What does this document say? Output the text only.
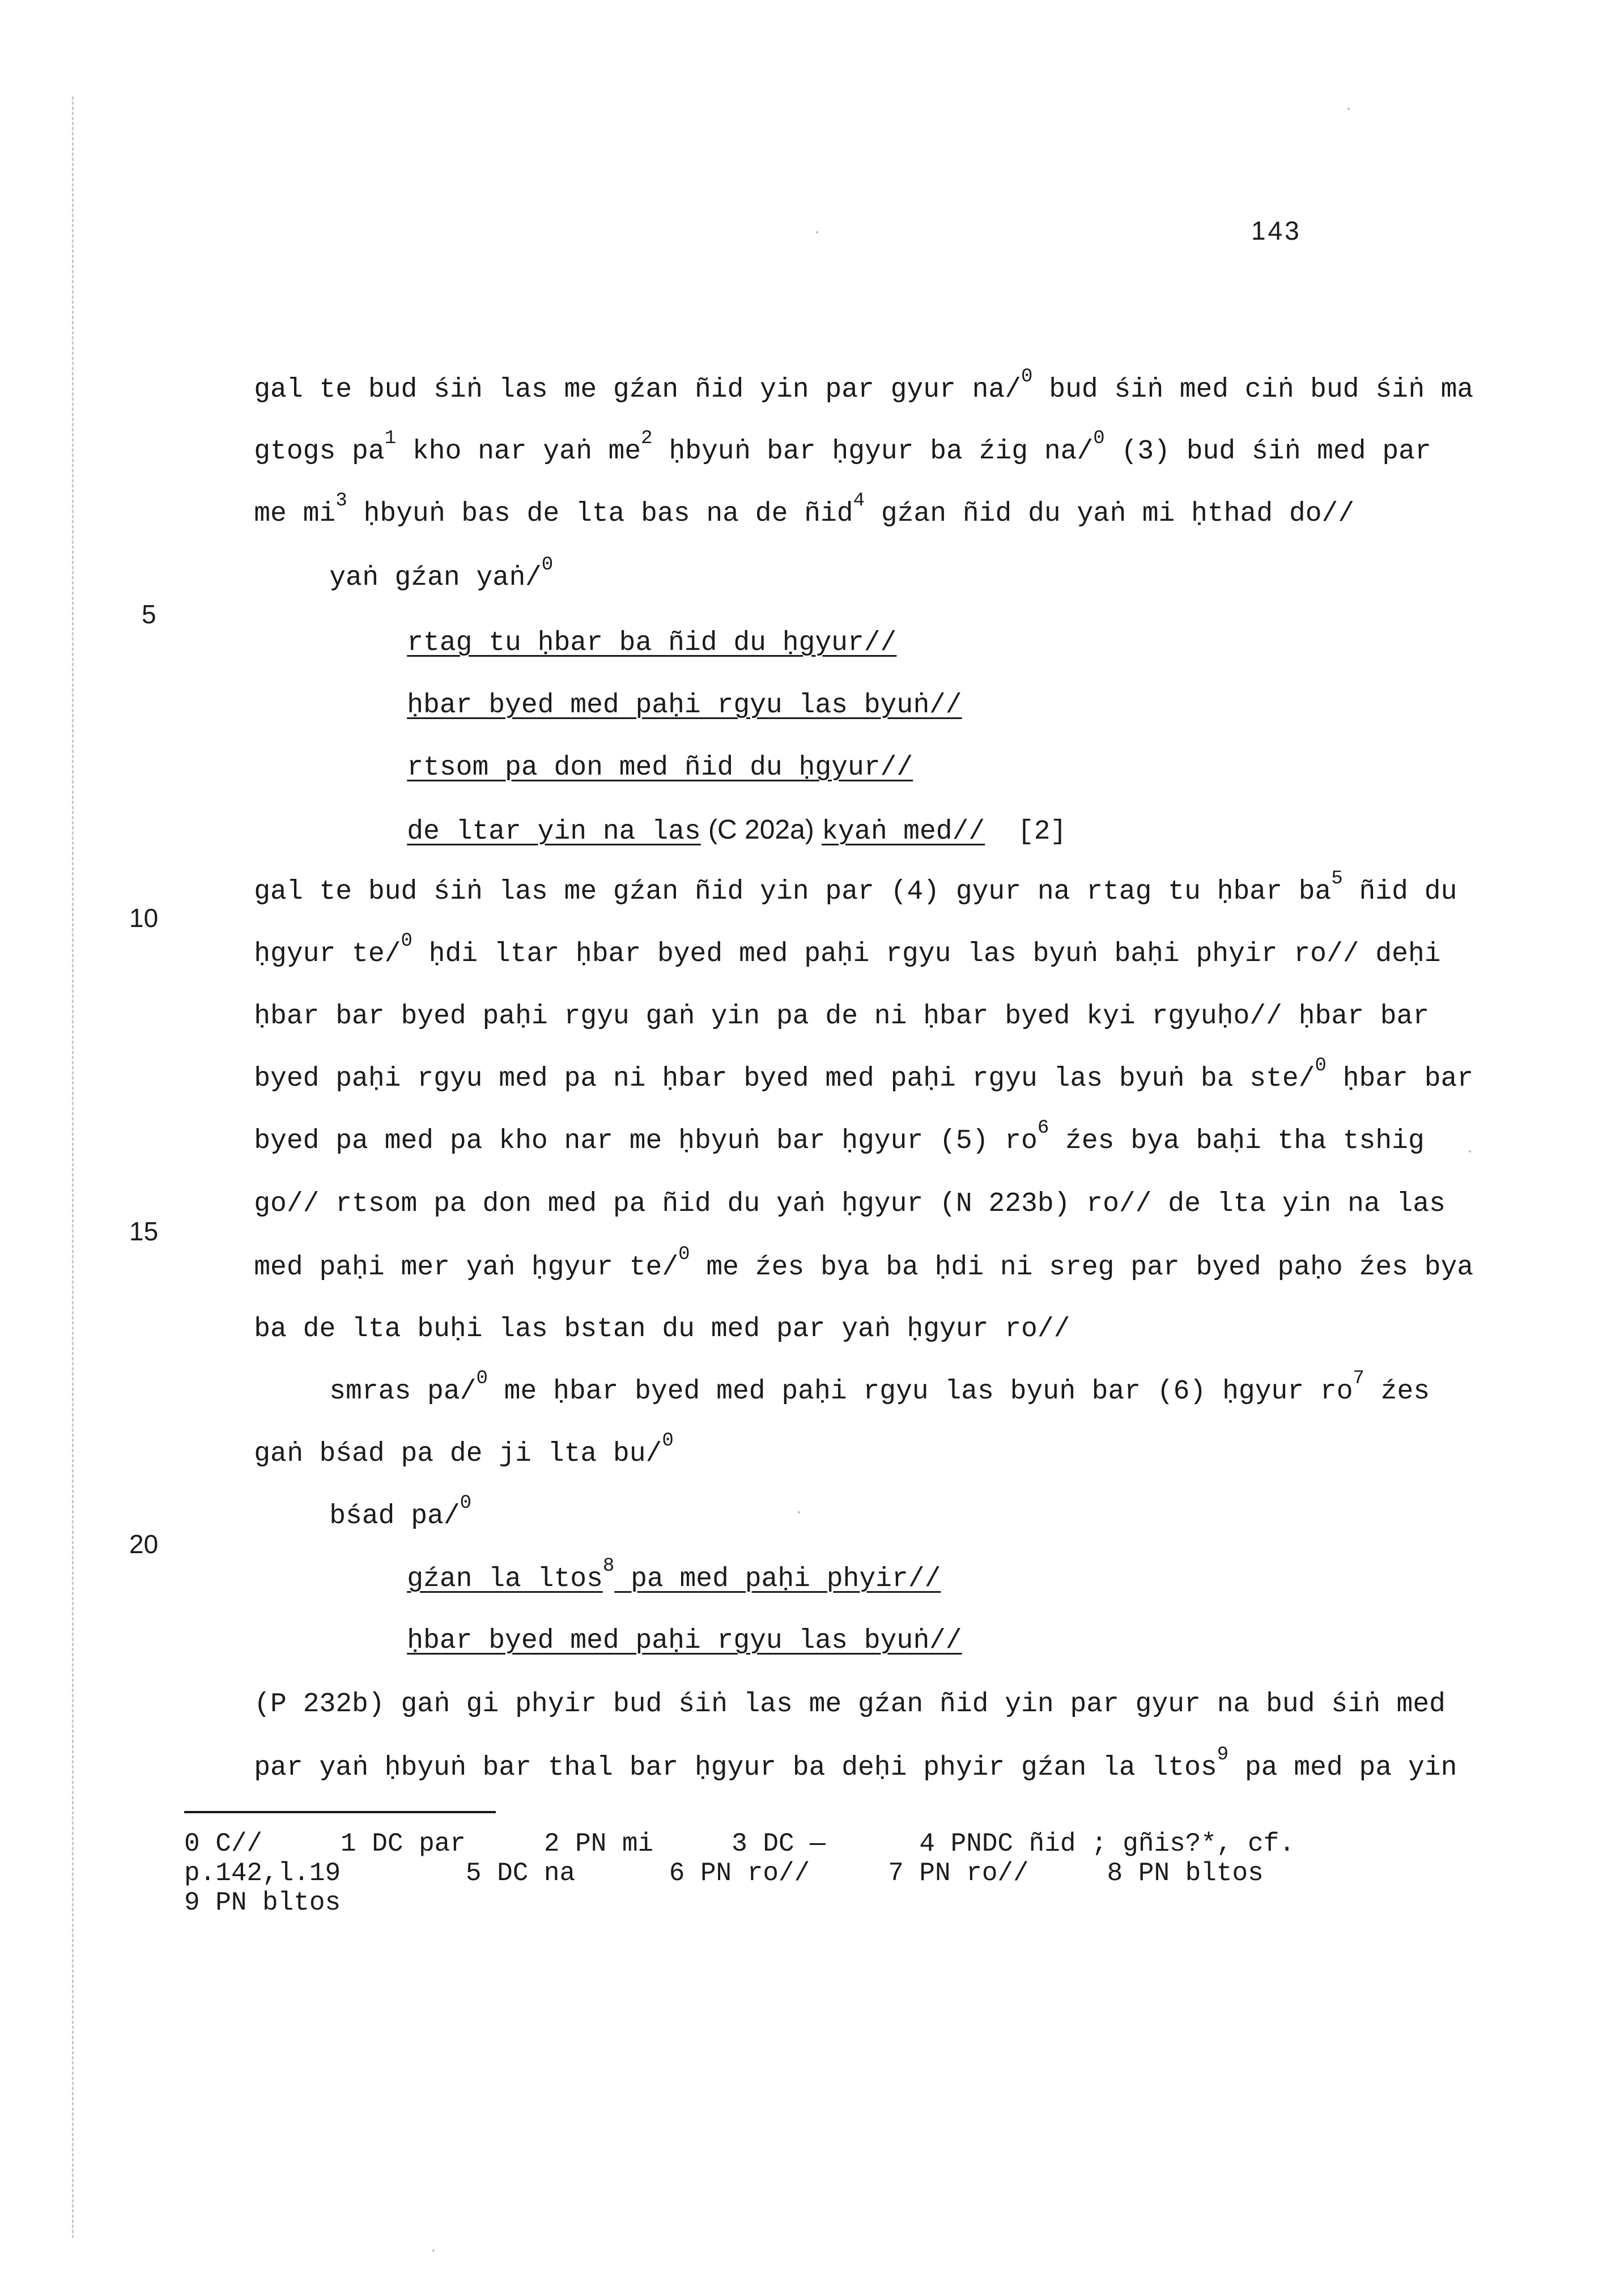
143
5
10
15
20

gal te bud śiṅ las me gźan ñid yin par gyur na/$^0$ bud śiṅ med ciṅ bud śiṅ ma

gtogs $pa^1$ kho nar yaṅ $me^2$ ḥbyuṅ bar ḥgyur ba źig na/$^0$ (3) bud śiṅ med par

me $mi^3$ ḥbyuṅ bas de lta bas na de ñid$^4$ gźan ñid du yaṅ mi ḥthad do//

yaṅ gźan yaṅ/$^0$

rtag tu ḥbar ba ñid du ḥgyur//

ḥbar byed med paḥi rgyu las byuṅ//

rtsom pa don med ñid du ḥgyur//

de ltar yin na las (C 202a) kyaṅ med//  [2]

gal te bud śiṅ las me gźan ñid yin par (4) gyur na rtag tu ḥbar $ba^5$ ñid du

ḥgyur te/$^0$ ḥdi ltar ḥbar byed med paḥi rgyu las byuṅ baḥi phyir ro// deḥi

ḥbar bar byed paḥi rgyu gaṅ yin pa de ni ḥbar byed kyi rgyuḥo// ḥbar bar

byed paḥi rgyu med pa ni ḥbar byed med paḥi rgyu las byuṅ ba ste/$^0$ ḥbar bar

byed pa med pa kho nar me ḥbyuṅ bar ḥgyur (5) $ro^6$ źes bya baḥi tha tshig

go// rtsom pa don med pa ñid du yaṅ ḥgyur (N 223b) ro// de lta yin na las

med paḥi mer yaṅ ḥgyur te/$^0$ me źes bya ba ḥdi ni sreg par byed paḥo źes bya

ba de lta buḥi las bstan du med par yaṅ ḥgyur ro//

smras pa/$^0$ me ḥbar byed med paḥi rgyu las byuṅ bar (6) ḥgyur $ro^7$ źes

gaṅ bśad pa de ji lta bu/$^0$

bśad pa/$^0$

gźan la ltos$^8$ pa med paḥi phyir//

ḥbar byed med paḥi rgyu las byuṅ//

(P 232b) gaṅ gi phyir bud śiṅ las me gźan ñid yin par gyur na bud śiṅ med

par yaṅ ḥbyuṅ bar thal bar ḥgyur ba deḥi phyir gźan la ltos$^9$ pa med pa yin

0 C//     1 DC par     2 PN mi     3 DC —      4 PNDC ñid ; gñis?*, cf.
p.142,l.19        5 DC na      6 PN ro//     7 PN ro//     8 PN bltos
9 PN bltos
